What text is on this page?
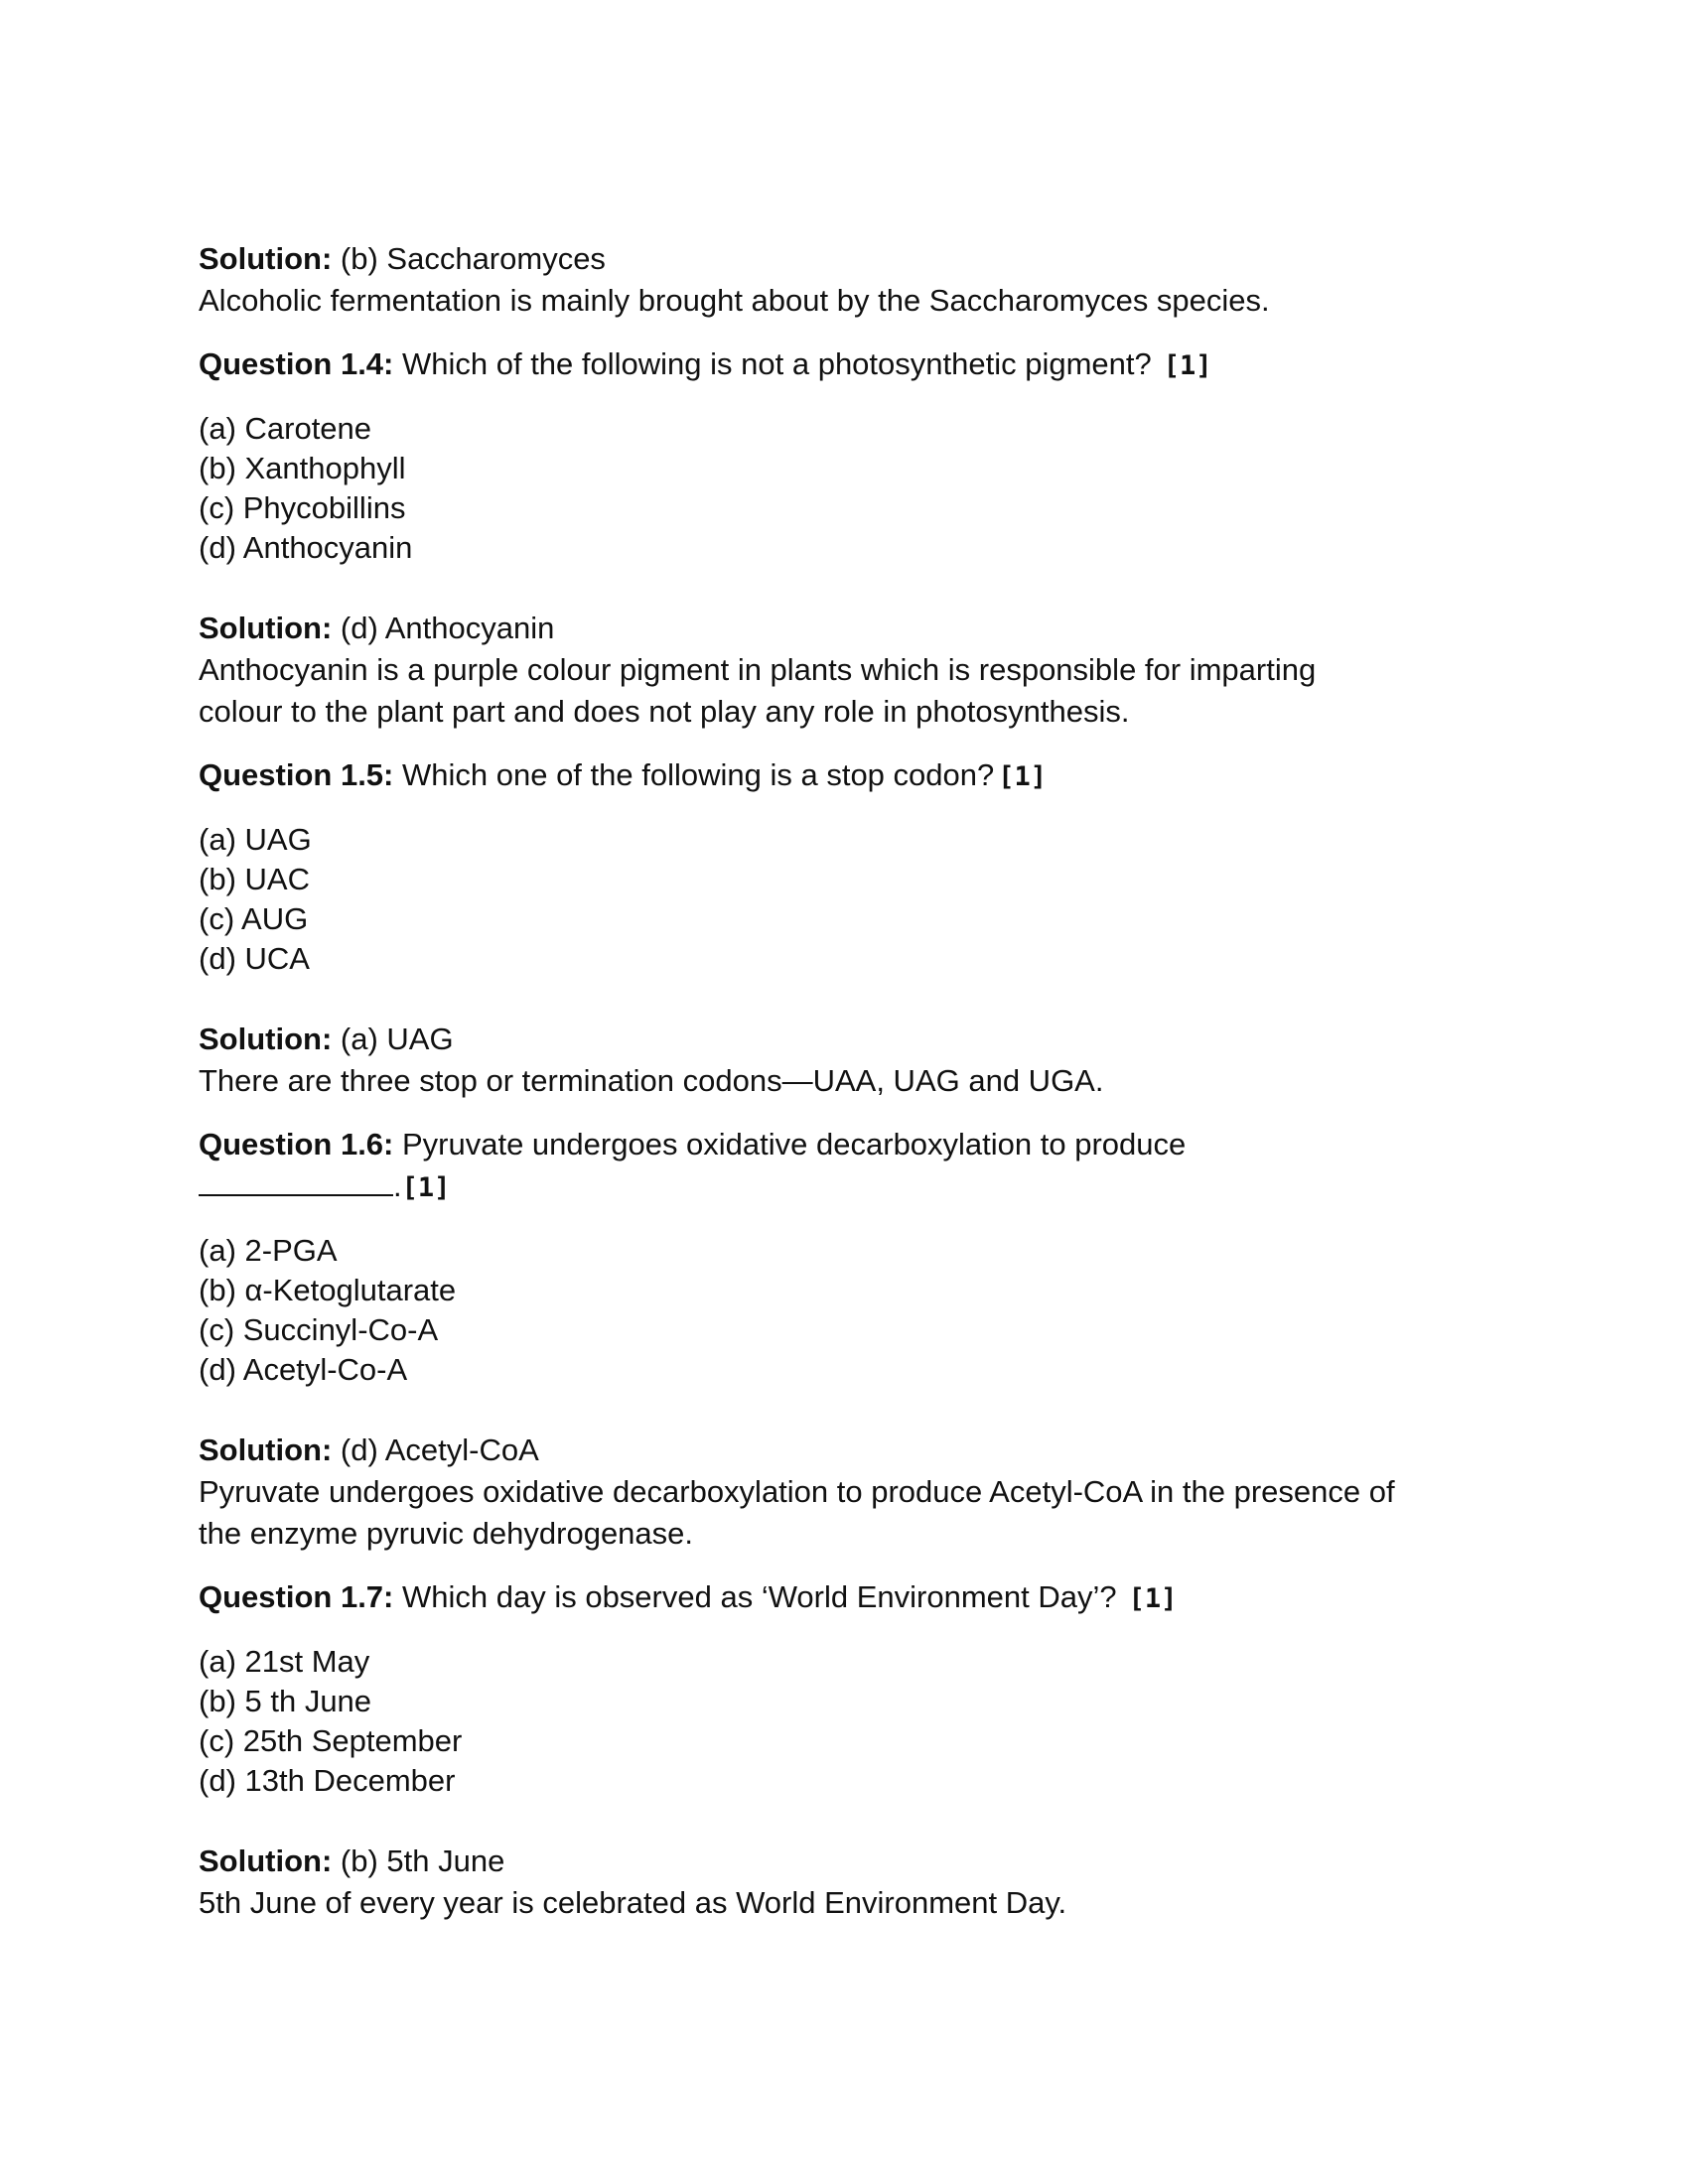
Solution: (b) Saccharomyces
Alcoholic fermentation is mainly brought about by the Saccharomyces species.
Question 1.4: Which of the following is not a photosynthetic pigment? [1]
(a) Carotene
(b) Xanthophyll
(c) Phycobillins
(d) Anthocyanin
Solution: (d) Anthocyanin
Anthocyanin is a purple colour pigment in plants which is responsible for imparting
colour to the plant part and does not play any role in photosynthesis.
Question 1.5: Which one of the following is a stop codon? [1]
(a) UAG
(b) UAC
(c) AUG
(d) UCA
Solution: (a) UAG
There are three stop or termination codons—UAA, UAG and UGA.
Question 1.6: Pyruvate undergoes oxidative decarboxylation to produce
.[1]
(a) 2-PGA
(b) α-Ketoglutarate
(c) Succinyl-Co-A
(d) Acetyl-Co-A
Solution: (d) Acetyl-CoA
Pyruvate undergoes oxidative decarboxylation to produce Acetyl-CoA in the presence of
the enzyme pyruvic dehydrogenase.
Question 1.7: Which day is observed as ‘World Environment Day’? [1]
(a) 21st May
(b) 5 th June
(c) 25th September
(d) 13th December
Solution: (b) 5th June
5th June of every year is celebrated as World Environment Day.
